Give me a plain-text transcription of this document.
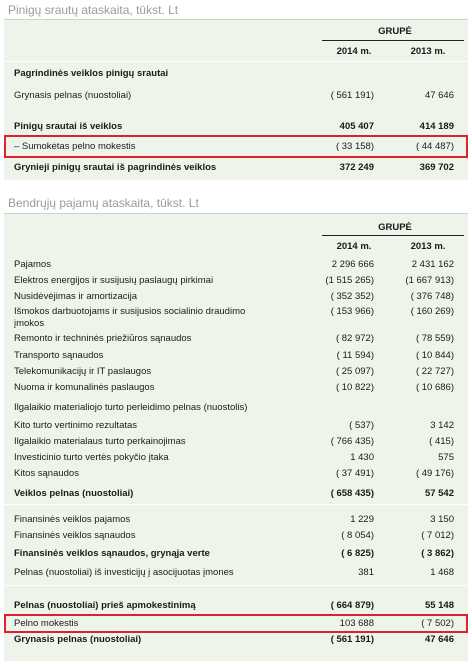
Pinigų srautų ataskaita, tūkst. Lt
GRUPĖ
2014 m.	2013 m.
Pagrindinės veiklos pinigų srautai
Grynasis pelnas (nuostoliai)	( 561 191)	47 646
Pinigų srautai iš veiklos	405 407	414 189
– Sumokėtas pelno mokestis	( 33 158)	( 44 487)
Grynieji pinigų srautai iš pagrindinės veiklos	372 249	369 702
Bendrųjų pajamų ataskaita, tūkst. Lt
GRUPĖ
2014 m.	2013 m.
Pajamos	2 296 666	2 431 162
Elektros energijos ir susijusių paslaugų pirkimai	(1 515 265)	(1 667 913)
Nusidėvėjimas ir amortizacija	( 352 352)	( 376 748)
Išmokos darbuotojams ir susijusios socialinio draudimo	( 153 966)	( 160 269)
įmokos
Remonto ir techninės priežiūros sąnaudos	( 82 972)	( 78 559)
Transporto sąnaudos	( 11 594)	( 10 844)
Telekomunikacijų ir IT paslaugos	( 25 097)	( 22 727)
Nuoma ir komunalinės paslaugos	( 10 822)	( 10 686)
Ilgalaikio materialiojo turto perleidimo pelnas (nuostolis)
Kito turto vertinimo rezultatas	( 537)	3 142
Ilgalaikio materialaus turto perkainojimas	( 766 435)	( 415)
Investicinio turto vertės pokyčio įtaka	1 430	575
Kitos sąnaudos	( 37 491)	( 49 176)
Veiklos pelnas (nuostoliai)	( 658 435)	57 542
Finansinės veiklos pajamos	1 229	3 150
Finansinės veiklos sąnaudos	( 8 054)	( 7 012)
Finansinės veiklos sąnaudos, grynąja verte	( 6 825)	( 3 862)
Pelnas (nuostoliai) iš investicijų į asocijuotas įmones	381	1 468
Pelnas (nuostoliai) prieš apmokestinimą	( 664 879)	55 148
Pelno mokestis	103 688	( 7 502)
Grynasis pelnas (nuostoliai)	( 561 191)	47 646
